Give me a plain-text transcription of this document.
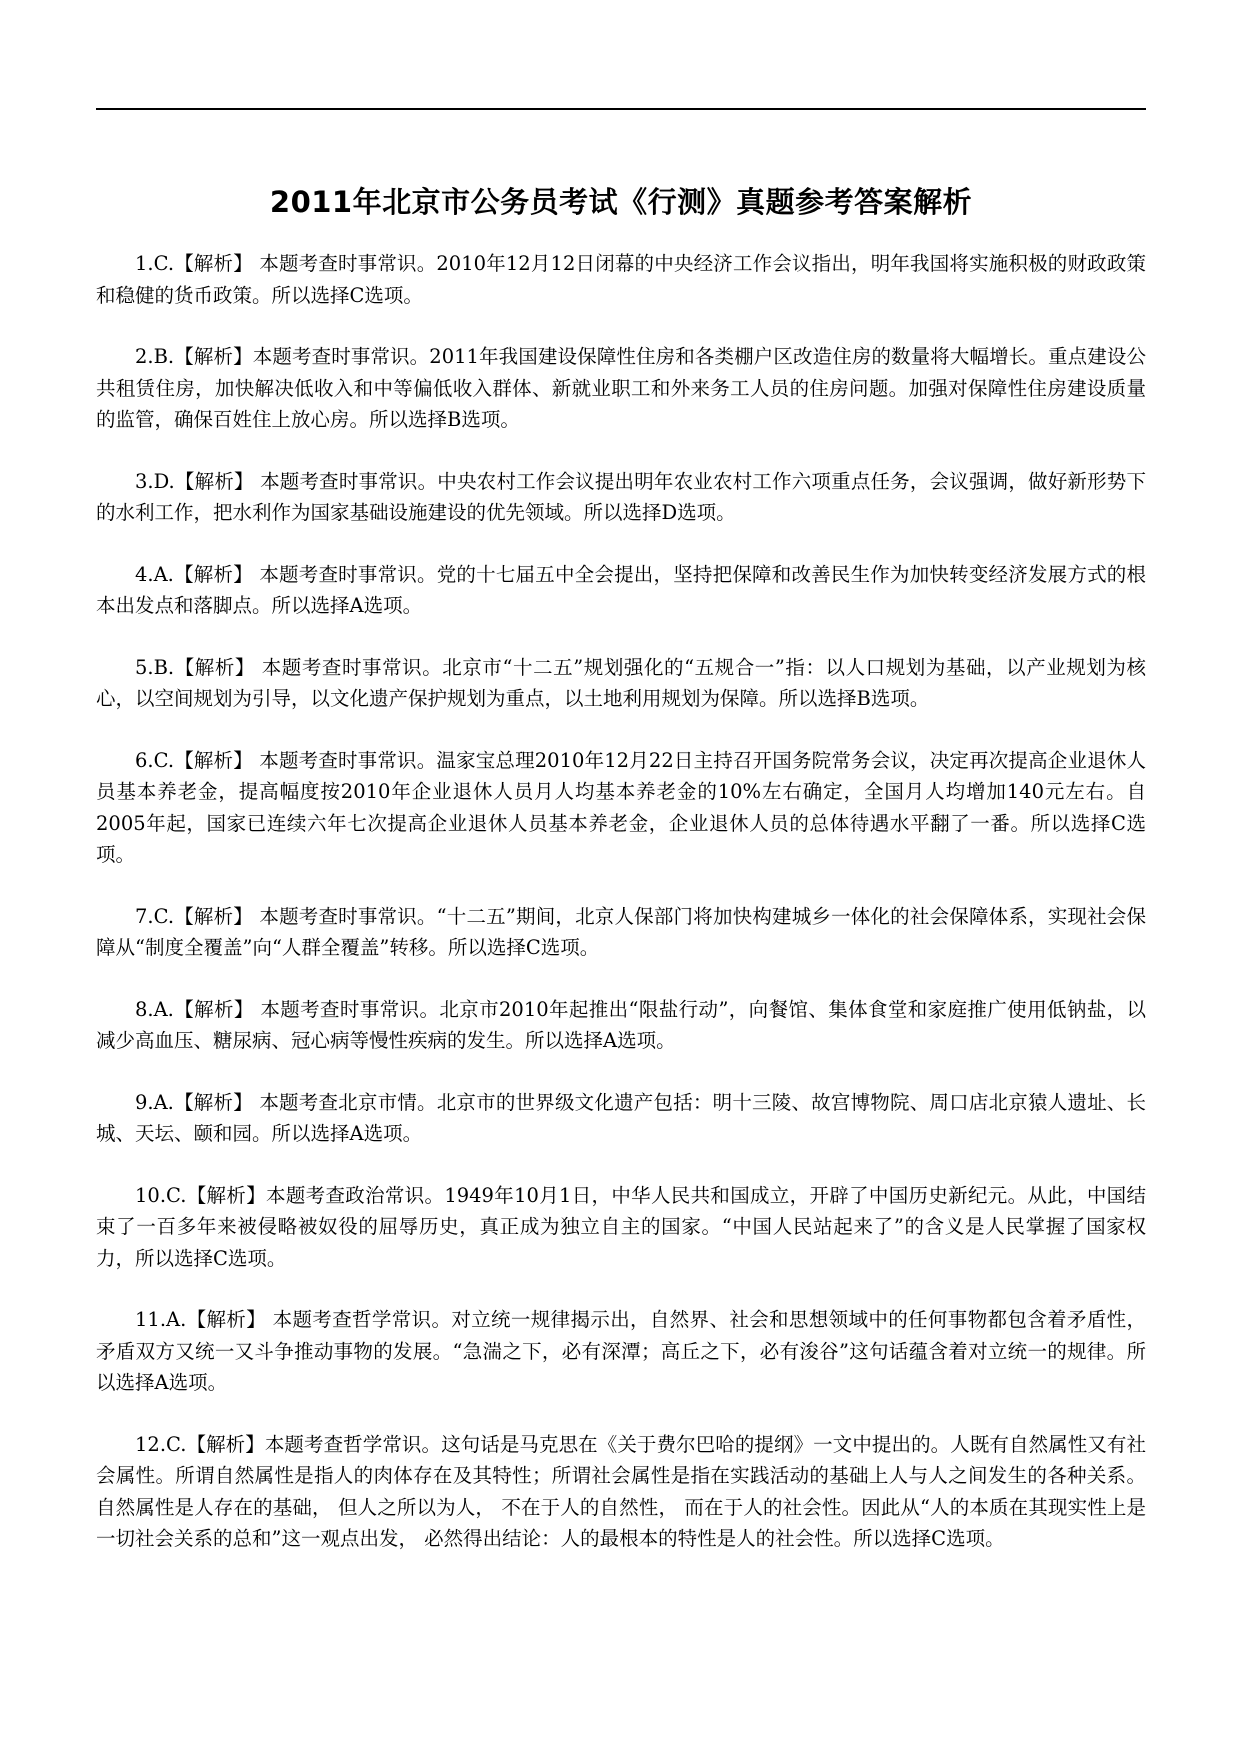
2011年北京市公务员考试《行测》真题参考答案解析

1.C.【解析】 本题考查时事常识。2010年12月12日闭幕的中央经济工作会议指出，明年我国将实施积极的财政政策和稳健的货币政策。所以选择C选项。

2.B.【解析】本题考查时事常识。2011年我国建设保障性住房和各类棚户区改造住房的数量将大幅增长。重点建设公共租赁住房，加快解决低收入和中等偏低收入群体、新就业职工和外来务工人员的住房问题。加强对保障性住房建设质量的监管，确保百姓住上放心房。所以选择B选项。

3.D.【解析】 本题考查时事常识。中央农村工作会议提出明年农业农村工作六项重点任务，会议强调，做好新形势下的水利工作，把水利作为国家基础设施建设的优先领域。所以选择D选项。

4.A.【解析】 本题考查时事常识。党的十七届五中全会提出，坚持把保障和改善民生作为加快转变经济发展方式的根本出发点和落脚点。所以选择A选项。

5.B.【解析】 本题考查时事常识。北京市“十二五”规划强化的“五规合一”指：以人口规划为基础，以产业规划为核心，以空间规划为引导，以文化遗产保护规划为重点，以土地利用规划为保障。所以选择B选项。

6.C.【解析】 本题考查时事常识。温家宝总理2010年12月22日主持召开国务院常务会议，决定再次提高企业退休人员基本养老金，提高幅度按2010年企业退休人员月人均基本养老金的10%左右确定，全国月人均增加140元左右。自2005年起，国家已连续六年七次提高企业退休人员基本养老金，企业退休人员的总体待遇水平翻了一番。所以选择C选项。

7.C.【解析】 本题考查时事常识。“十二五”期间，北京人保部门将加快构建城乡一体化的社会保障体系，实现社会保障从“制度全覆盖”向“人群全覆盖”转移。所以选择C选项。

8.A.【解析】 本题考查时事常识。北京市2010年起推出“限盐行动”，向餐馆、集体食堂和家庭推广使用低钠盐，以减少高血压、糖尿病、冠心病等慢性疾病的发生。所以选择A选项。

9.A.【解析】 本题考查北京市情。北京市的世界级文化遗产包括：明十三陵、故宫博物院、周口店北京猿人遗址、长城、天坛、颐和园。所以选择A选项。

10.C.【解析】本题考查政治常识。1949年10月1日，中华人民共和国成立，开辟了中国历史新纪元。从此，中国结束了一百多年来被侵略被奴役的屈辱历史，真正成为独立自主的国家。“中国人民站起来了”的含义是人民掌握了国家权力，所以选择C选项。

11.A.【解析】 本题考查哲学常识。对立统一规律揭示出，自然界、社会和思想领域中的任何事物都包含着矛盾性，矛盾双方又统一又斗争推动事物的发展。“急湍之下，必有深潭；高丘之下，必有浚谷”这句话蕴含着对立统一的规律。所以选择A选项。

12.C.【解析】本题考查哲学常识。这句话是马克思在《关于费尔巴哈的提纲》一文中提出的。人既有自然属性又有社会属性。所谓自然属性是指人的肉体存在及其特性；所谓社会属性是指在实践活动的基础上人与人之间发生的各种关系。自然属性是人存在的基础， 但人之所以为人， 不在于人的自然性， 而在于人的社会性。因此从“人的本质在其现实性上是一切社会关系的总和”这一观点出发， 必然得出结论：人的最根本的特性是人的社会性。所以选择C选项。
